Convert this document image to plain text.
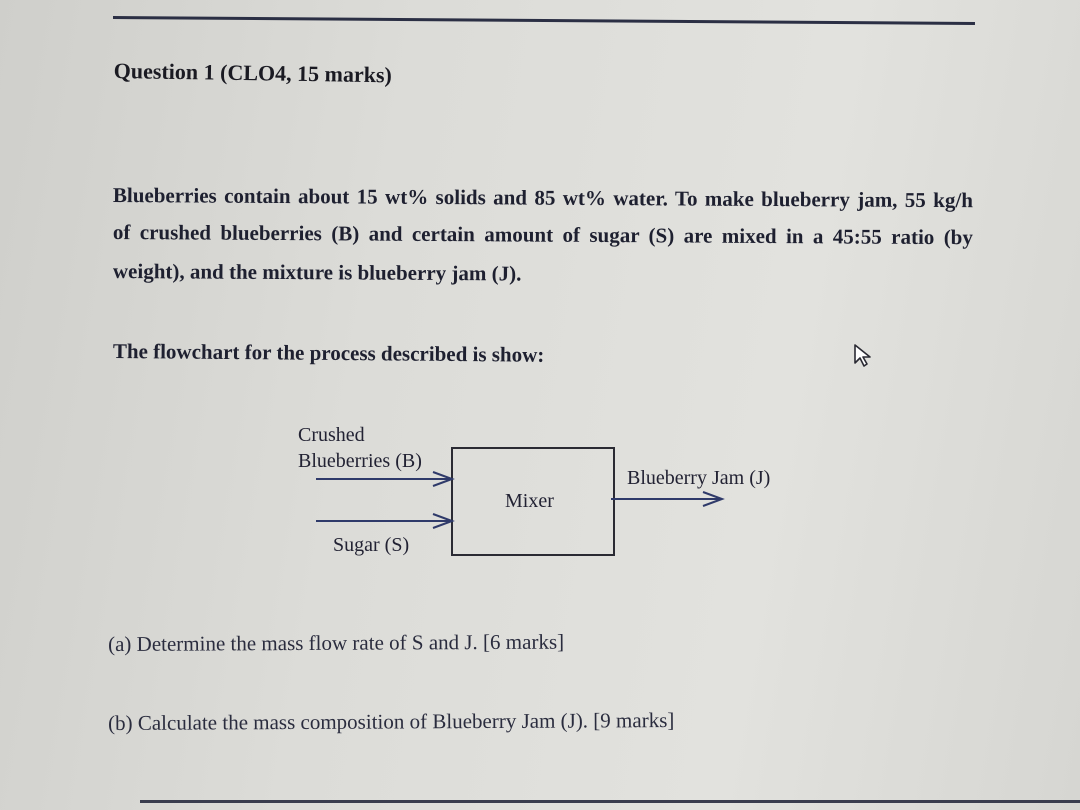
Question 1 (CLO4, 15 marks)
Blueberries contain about 15 wt% solids and 85 wt% water. To make blueberry jam, 55 kg/h
of crushed blueberries (B) and certain amount of sugar (S) are mixed in a 45:55 ratio (by
weight), and the mixture is blueberry jam (J).
The flowchart for the process described is show:
Crushed
Blueberries (B)
Sugar (S)
Mixer
Blueberry Jam (J)
(a) Determine the mass flow rate of S and J. [6 marks]
(b) Calculate the mass composition of Blueberry Jam (J). [9 marks]
